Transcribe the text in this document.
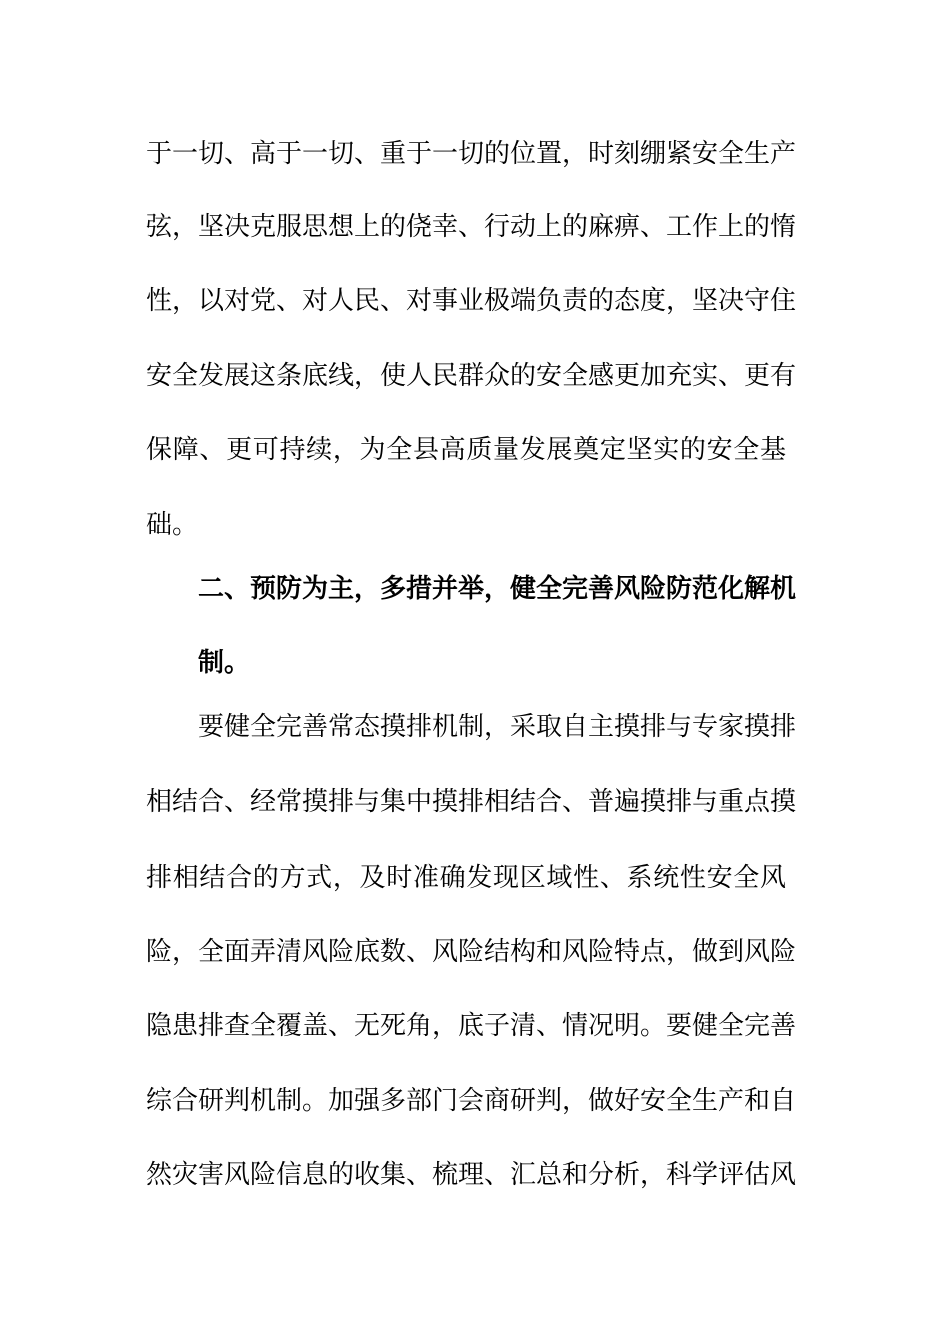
于一切、高于一切、重于一切的位置，时刻绷紧安全生产
弦，坚决克服思想上的侥幸、行动上的麻痹、工作上的惰
性，以对党、对人民、对事业极端负责的态度，坚决守住
安全发展这条底线，使人民群众的安全感更加充实、更有
保障、更可持续，为全县高质量发展奠定坚实的安全基
础。
二、预防为主，多措并举，健全完善风险防范化解机
制。
要健全完善常态摸排机制，采取自主摸排与专家摸排
相结合、经常摸排与集中摸排相结合、普遍摸排与重点摸
排相结合的方式，及时准确发现区域性、系统性安全风
险，全面弄清风险底数、风险结构和风险特点，做到风险
隐患排查全覆盖、无死角，底子清、情况明。要健全完善
综合研判机制。加强多部门会商研判，做好安全生产和自
然灾害风险信息的收集、梳理、汇总和分析，科学评估风
